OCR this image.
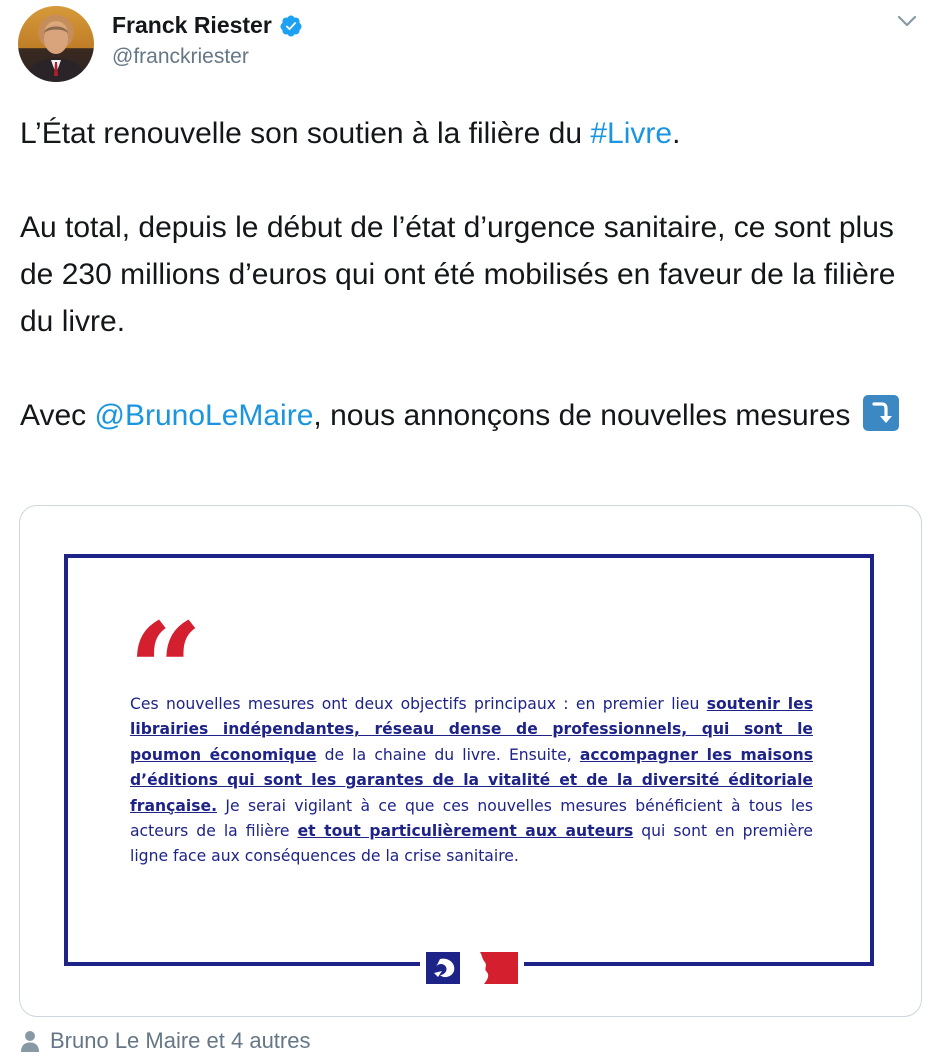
Franck Riester
@franckriester

L’État renouvelle son soutien à la filière du #Livre.

Au total, depuis le début de l’état d’urgence sanitaire, ce sont plus de 230 millions d’euros qui ont été mobilisés en faveur de la filière du livre.

Avec @BrunoLeMaire, nous annonçons de nouvelles mesures

“
Ces nouvelles mesures ont deux objectifs principaux : en premier lieu soutenir les librairies indépendantes, réseau dense de professionnels, qui sont le poumon économique de la chaine du livre. Ensuite, accompagner les maisons d’éditions qui sont les garantes de la vitalité et de la diversité éditoriale française. Je serai vigilant à ce que ces nouvelles mesures bénéficient à tous les acteurs de la filière et tout particulièrement aux auteurs qui sont en première ligne face aux conséquences de la crise sanitaire.
Bruno Le Maire et 4 autres
